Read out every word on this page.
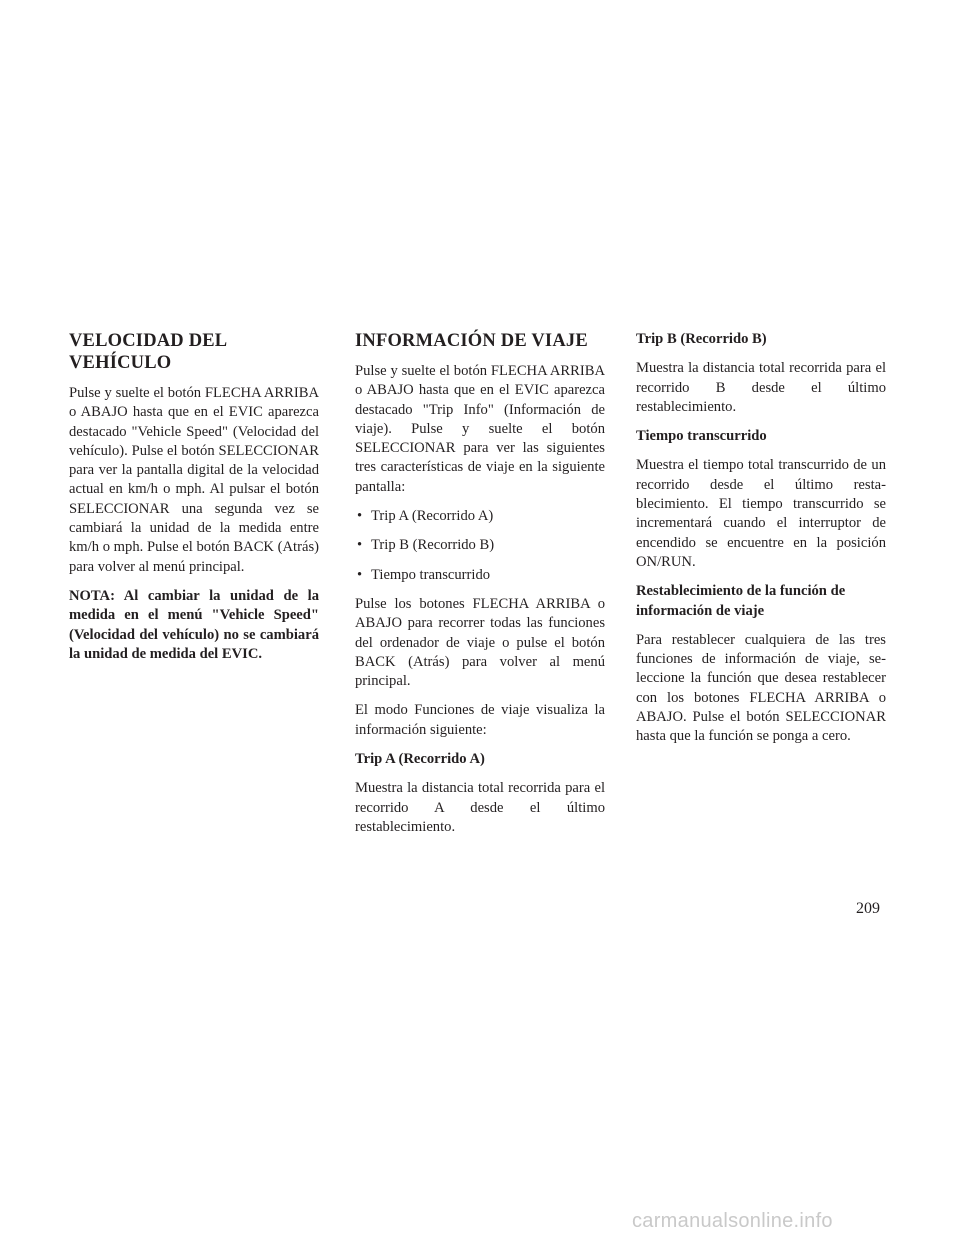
VELOCIDAD DEL
VEHÍCULO

Pulse y suelte el botón FLECHA ARRIBA o ABAJO hasta que en el EVIC aparezca destacado "Vehicle Speed" (Velocidad del vehículo). Pulse el botón SELECCIONAR para ver la pantalla digital de la velocidad actual en km/h o mph. Al pulsar el botón SELECCIONAR una segunda vez se cambiará la unidad de la medida entre km/h o mph. Pulse el botón BACK (Atrás) para volver al menú principal.

NOTA: Al cambiar la unidad de la medida en el menú "Vehicle Speed" (Velocidad del vehículo) no se cambiará la unidad de medida del EVIC.

INFORMACIÓN DE VIAJE

Pulse y suelte el botón FLECHA ARRIBA o ABAJO hasta que en el EVIC aparezca destacado "Trip Info" (Información de viaje). Pulse y suelte el botón SELECCIONAR para ver las siguientes tres características de viaje en la siguiente pantalla:

• Trip A (Recorrido A)
• Trip B (Recorrido B)
• Tiempo transcurrido

Pulse los botones FLECHA ARRIBA o ABAJO para recorrer todas las funciones del ordenador de viaje o pulse el botón BACK (Atrás) para volver al menú principal.

El modo Funciones de viaje visualiza la información siguiente:

Trip A (Recorrido A)

Muestra la distancia total recorrida para el recorrido A desde el último restablecimiento.

Trip B (Recorrido B)

Muestra la distancia total recorrida para el recorrido B desde el último restablecimiento.

Tiempo transcurrido

Muestra el tiempo total transcurrido de un recorrido desde el último restablecimiento. El tiempo transcurrido se incrementará cuando el interruptor de encendido se encuentre en la posición ON/RUN.

Restablecimiento de la función de información de viaje

Para restablecer cualquiera de las tres funciones de información de viaje, seleccione la función que desea restablecer con los botones FLECHA ARRIBA o ABAJO. Pulse el botón SELECCIONAR hasta que la función se ponga a cero.

209
carmanualsonline.info
